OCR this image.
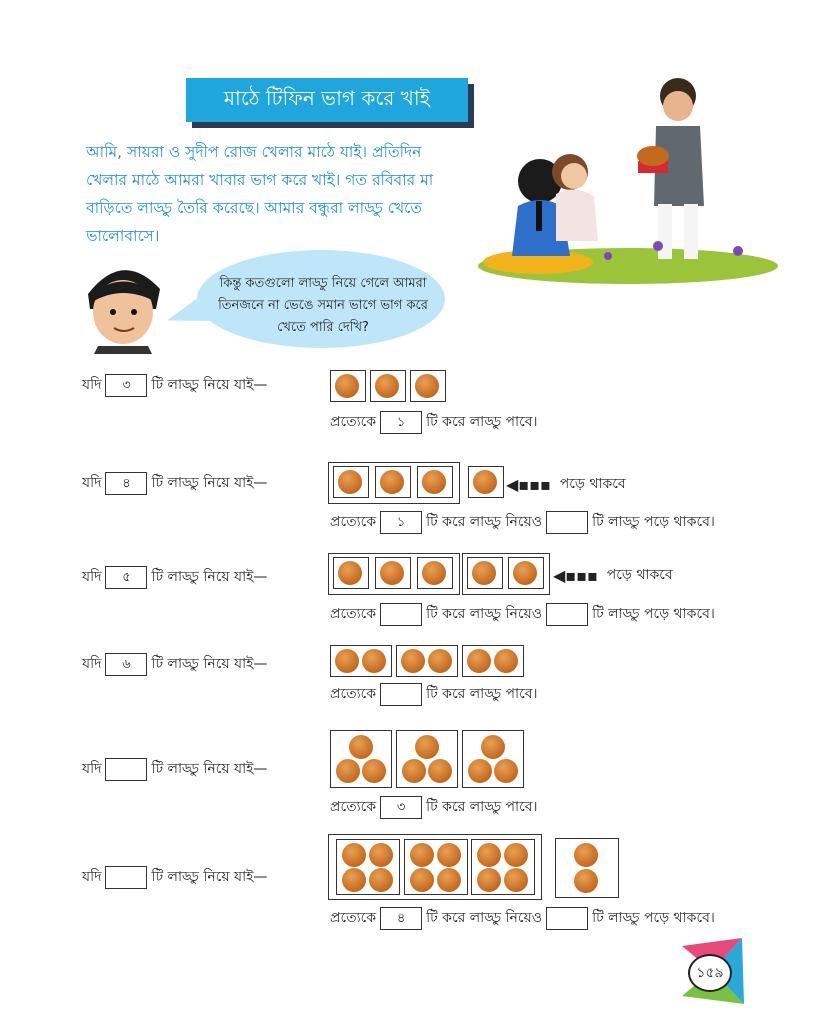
মাঠে টিফিন ভাগ করে খাই
আমি, সায়রা ও সুদীপ রোজ খেলার মাঠে যাই। প্রতিদিন খেলার মাঠে আমরা খাবার ভাগ করে খাই। গত রবিবার মা বাড়িতে লাড্ডু তৈরি করেছে। আমার বন্ধুরা লাড্ডু খেতে ভালোবাসে।
কিন্তু কতগুলো লাড্ডু নিয়ে গেলে আমরা তিনজনে না ভেঙে সমান ভাগে ভাগ করে খেতে পারি দেখি?
যদি	৩	টি লাড্ডু নিয়ে যাই—
প্রত্যেকে	১	টি করে লাড্ডু পাবে।
যদি	৪	টি লাড্ডু নিয়ে যাই—	◀▪▪▪
পড়ে থাকবে
প্রত্যেকে	১	টি করে লাড্ডু নিয়েও	টি লাড্ডু পড়ে থাকবে।
যদি	৫	টি লাড্ডু নিয়ে যাই—	◀▪▪▪
পড়ে থাকবে
প্রত্যেকে	টি করে লাড্ডু নিয়েও	টি লাড্ডু পড়ে থাকবে।
যদি	৬	টি লাড্ডু নিয়ে যাই—
প্রত্যেকে	টি করে লাড্ডু পাবে।
যদি	টি লাড্ডু নিয়ে যাই—
প্রত্যেকে	৩	টি করে লাড্ডু পাবে।
যদি	টি লাড্ডু নিয়ে যাই—
প্রত্যেকে	৪	টি করে লাড্ডু নিয়েও	টি লাড্ডু পড়ে থাকবে।
১৫৯
